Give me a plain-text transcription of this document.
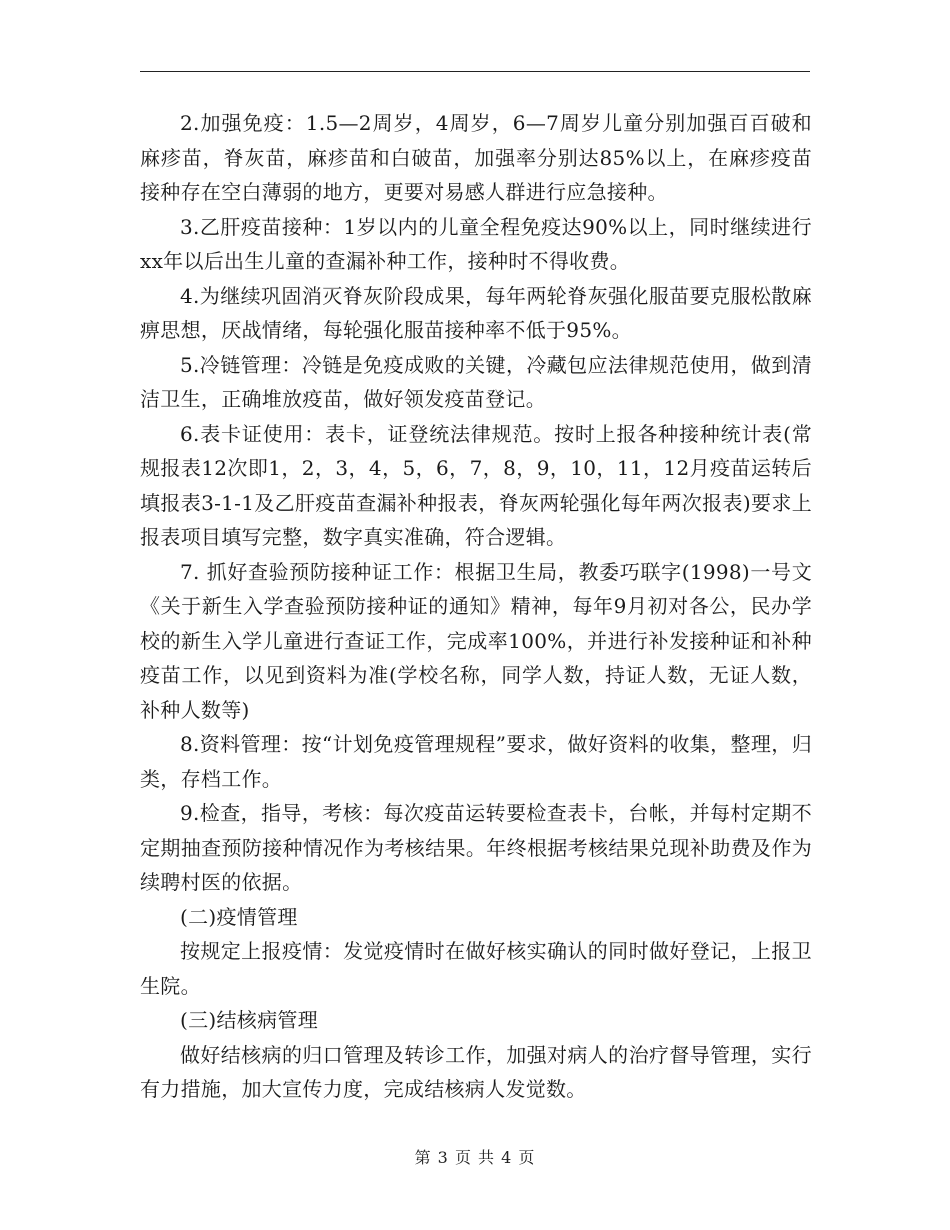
2.加强免疫：1.5—2周岁，4周岁，6—7周岁儿童分别加强百百破和麻疹苗，脊灰苗，麻疹苗和白破苗，加强率分别达85%以上，在麻疹疫苗接种存在空白薄弱的地方，更要对易感人群进行应急接种。

3.乙肝疫苗接种：1岁以内的儿童全程免疫达90%以上，同时继续进行xx年以后出生儿童的查漏补种工作，接种时不得收费。

4.为继续巩固消灭脊灰阶段成果，每年两轮脊灰强化服苗要克服松散麻痹思想，厌战情绪，每轮强化服苗接种率不低于95%。

5.冷链管理：冷链是免疫成败的关键，冷藏包应法律规范使用，做到清洁卫生，正确堆放疫苗，做好领发疫苗登记。

6.表卡证使用：表卡，证登统法律规范。按时上报各种接种统计表(常规报表12次即1，2，3，4，5，6，7，8，9，10，11，12月疫苗运转后填报表3-1-1及乙肝疫苗查漏补种报表，脊灰两轮强化每年两次报表)要求上报表项目填写完整，数字真实准确，符合逻辑。

7. 抓好查验预防接种证工作：根据卫生局，教委巧联字(1998)一号文《关于新生入学查验预防接种证的通知》精神，每年9月初对各公，民办学校的新生入学儿童进行查证工作，完成率100%，并进行补发接种证和补种疫苗工作，以见到资料为准(学校名称，同学人数，持证人数，无证人数，补种人数等)

8.资料管理：按“计划免疫管理规程”要求，做好资料的收集，整理，归类，存档工作。

9.检查，指导，考核：每次疫苗运转要检查表卡，台帐，并每村定期不定期抽查预防接种情况作为考核结果。年终根据考核结果兑现补助费及作为续聘村医的依据。

(二)疫情管理

按规定上报疫情：发觉疫情时在做好核实确认的同时做好登记，上报卫生院。

(三)结核病管理

做好结核病的归口管理及转诊工作，加强对病人的治疗督导管理，实行有力措施，加大宣传力度，完成结核病人发觉数。

第 3 页 共 4 页
